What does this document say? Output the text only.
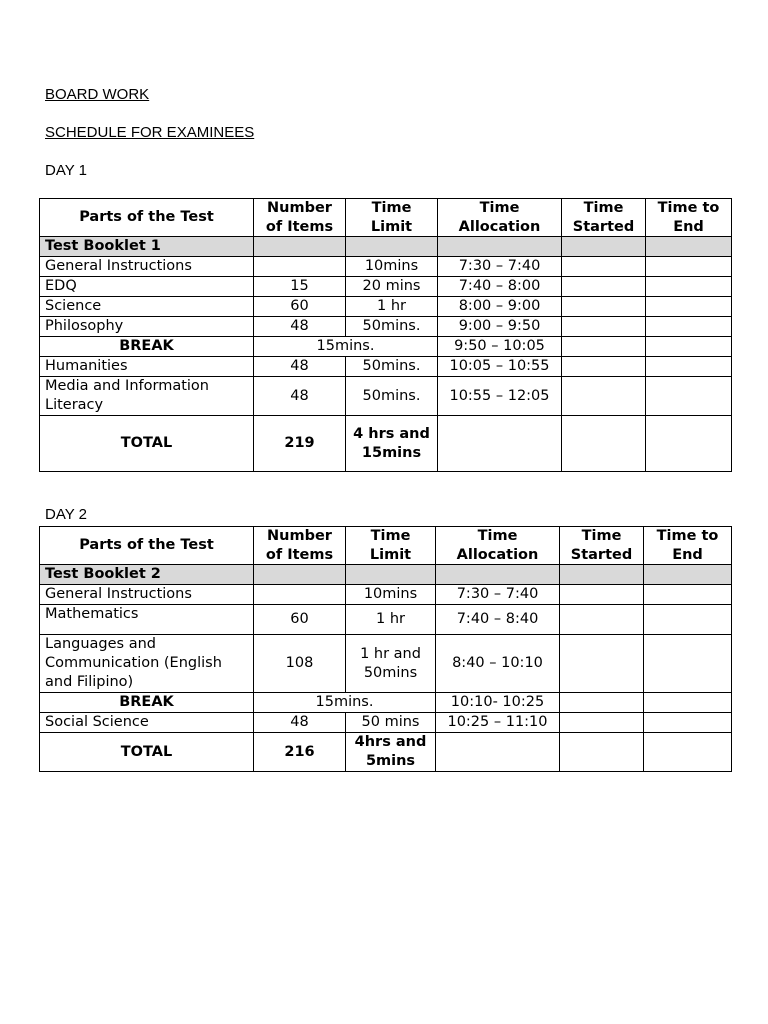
BOARD WORK
SCHEDULE FOR EXAMINEES
DAY 1
Parts of the Test	Number of Items	Time Limit	Time Allocation	Time Started	Time to End
Test Booklet 1					
General Instructions		10mins	7:30 – 7:40		
EDQ	15	20 mins	7:40 – 8:00		
Science	60	1 hr	8:00 – 9:00		
Philosophy	48	50mins.	9:00 – 9:50		
BREAK	15mins.		9:50 – 10:05		
Humanities	48	50mins.	10:05 – 10:55		
Media and Information Literacy	48	50mins.	10:55 – 12:05		
TOTAL	219	4 hrs and 15mins			
DAY 2
Parts of the Test	Number of Items	Time Limit	Time Allocation	Time Started	Time to End
Test Booklet 2					
General Instructions		10mins	7:30 – 7:40		
Mathematics	60	1 hr	7:40 – 8:40		
Languages and Communication (English and Filipino)	108	1 hr and 50mins	8:40 – 10:10		
BREAK	15mins.		10:10- 10:25		
Social Science	48	50 mins	10:25 – 11:10		
TOTAL	216	4hrs and 5mins			
